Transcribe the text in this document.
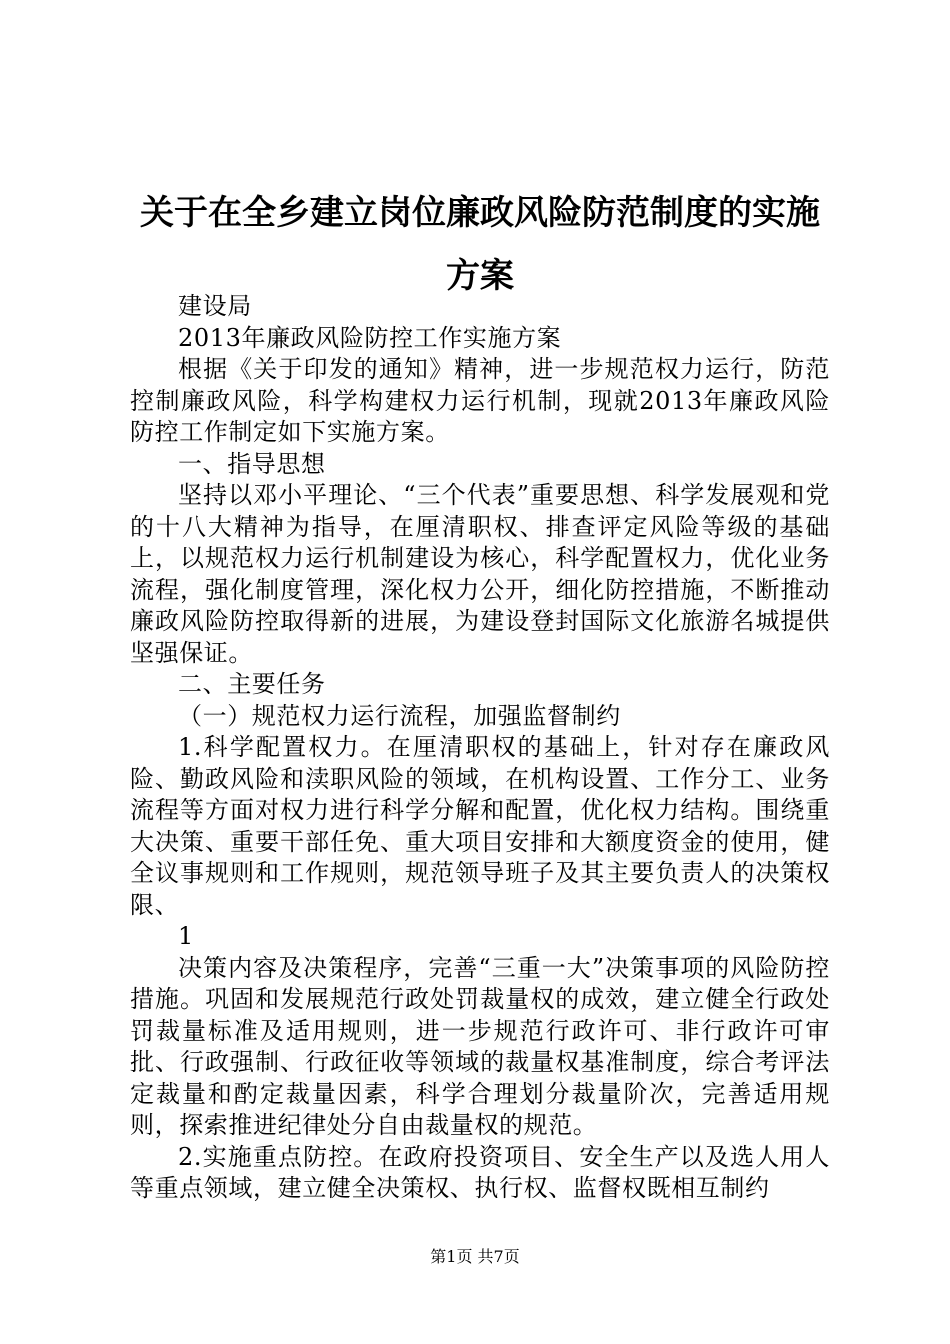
关于在全乡建立岗位廉政风险防范制度的实施
方案

建设局

2013年廉政风险防控工作实施方案

根据《关于印发的通知》精神，进一步规范权力运行，防范控制廉政风险，科学构建权力运行机制，现就2013年廉政风险防控工作制定如下实施方案。

一、指导思想

坚持以邓小平理论、“三个代表”重要思想、科学发展观和党的十八大精神为指导，在厘清职权、排查评定风险等级的基础上，以规范权力运行机制建设为核心，科学配置权力，优化业务流程，强化制度管理，深化权力公开，细化防控措施，不断推动廉政风险防控取得新的进展，为建设登封国际文化旅游名城提供坚强保证。

二、主要任务

（一）规范权力运行流程，加强监督制约

1.科学配置权力。在厘清职权的基础上，针对存在廉政风险、勤政风险和渎职风险的领域，在机构设置、工作分工、业务流程等方面对权力进行科学分解和配置，优化权力结构。围绕重大决策、重要干部任免、重大项目安排和大额度资金的使用，健全议事规则和工作规则，规范领导班子及其主要负责人的决策权限、

1

决策内容及决策程序，完善“三重一大”决策事项的风险防控措施。巩固和发展规范行政处罚裁量权的成效，建立健全行政处罚裁量标准及适用规则，进一步规范行政许可、非行政许可审批、行政强制、行政征收等领域的裁量权基准制度，综合考评法定裁量和酌定裁量因素，科学合理划分裁量阶次，完善适用规则，探索推进纪律处分自由裁量权的规范。

2.实施重点防控。在政府投资项目、安全生产以及选人用人等重点领域，建立健全决策权、执行权、监督权既相互制约

第1页 共7页
